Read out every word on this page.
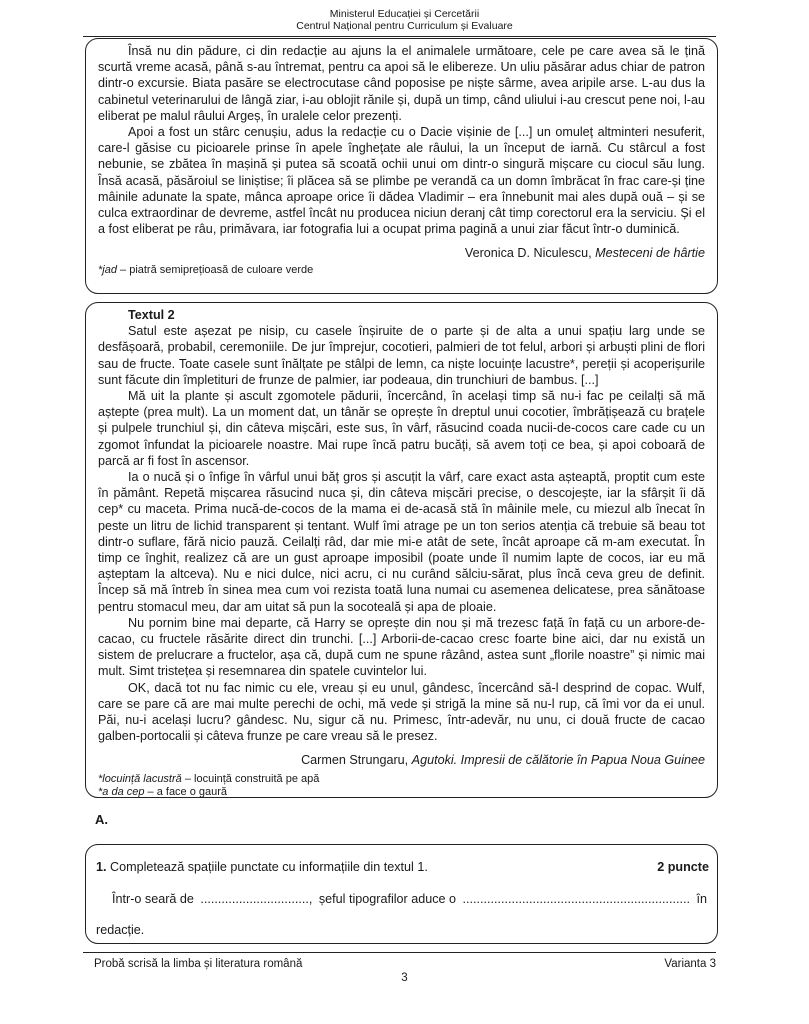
Ministerul Educației și Cercetării
Centrul Național pentru Curriculum și Evaluare

Însă nu din pădure, ci din redacție au ajuns la el animalele următoare, cele pe care avea să le țină scurtă vreme acasă, până s-au întremat, pentru ca apoi să le elibereze. Un uliu păsărar adus chiar de patron dintr-o excursie. Biata pasăre se electrocutase când poposise pe niște sârme, avea aripile arse. L-au dus la cabinetul veterinarului de lângă ziar, i-au oblojit rănile și, după un timp, când uliului i-au crescut pene noi, l-au eliberat pe malul râului Argeș, în uralele celor prezenți.

Apoi a fost un stârc cenușiu, adus la redacție cu o Dacie vișinie de [...] un omuleț altminteri nesuferit, care-l găsise cu picioarele prinse în apele înghețate ale râului, la un început de iarnă. Cu stârcul a fost nebunie, se zbătea în mașină și putea să scoată ochii unui om dintr-o singură mișcare cu ciocul său lung. Însă acasă, păsăroiul se liniștise; îi plăcea să se plimbe pe verandă ca un domn îmbrăcat în frac care-și ține mâinile adunate la spate, mânca aproape orice îi dădea Vladimir – era înnebunit mai ales după ouă – și se culca extraordinar de devreme, astfel încât nu producea niciun deranj cât timp corectorul era la serviciu. Și el a fost eliberat pe râu, primăvara, iar fotografia lui a ocupat prima pagină a unui ziar făcut într-o duminică.

Veronica D. Niculescu, Mesteceni de hârtie

*jad – piatră semiprețioasă de culoare verde

Textul 2

Satul este așezat pe nisip, cu casele înșiruite de o parte și de alta a unui spațiu larg unde se desfășoară, probabil, ceremoniile. De jur împrejur, cocotieri, palmieri de tot felul, arbori și arbuști plini de flori sau de fructe. Toate casele sunt înălțate pe stâlpi de lemn, ca niște locuințe lacustre*, pereții și acoperișurile sunt făcute din împletituri de frunze de palmier, iar podeaua, din trunchiuri de bambus. [...]

Mă uit la plante și ascult zgomotele pădurii, încercând, în același timp să nu-i fac pe ceilalți să mă aștepte (prea mult). La un moment dat, un tânăr se oprește în dreptul unui cocotier, îmbrățișează cu brațele și pulpele trunchiul și, din câteva mișcări, este sus, în vârf, răsucind coada nucii-de-cocos care cade cu un zgomot înfundat la picioarele noastre. Mai rupe încă patru bucăți, să avem toți ce bea, și apoi coboară de parcă ar fi fost în ascensor.

Ia o nucă și o înfige în vârful unui băț gros și ascuțit la vârf, care exact asta așteaptă, proptit cum este în pământ. Repetă mișcarea răsucind nuca și, din câteva mișcări precise, o descojește, iar la sfârșit îi dă cep* cu maceta. Prima nucă-de-cocos de la mama ei de-acasă stă în mâinile mele, cu miezul alb înecat în peste un litru de lichid transparent și tentant. Wulf îmi atrage pe un ton serios atenția că trebuie să beau tot dintr-o suflare, fără nicio pauză. Ceilalți râd, dar mie mi-e atât de sete, încât aproape că m-am executat. În timp ce înghit, realizez că are un gust aproape imposibil (poate unde îl numim lapte de cocos, iar eu mă așteptam la altceva). Nu e nici dulce, nici acru, ci nu curând sălciu-sărat, plus încă ceva greu de definit. Încep să mă întreb în sinea mea cum voi rezista toată luna numai cu asemenea delicatese, prea sănătoase pentru stomacul meu, dar am uitat să pun la socoteală și apa de ploaie.

Nu pornim bine mai departe, că Harry se oprește din nou și mă trezesc față în față cu un arbore-de-cacao, cu fructele răsărite direct din trunchi. [...] Arborii-de-cacao cresc foarte bine aici, dar nu există un sistem de prelucrare a fructelor, așa că, după cum ne spune râzând, astea sunt „florile noastre” și nimic mai mult. Simt tristețea și resemnarea din spatele cuvintelor lui.

OK, dacă tot nu fac nimic cu ele, vreau și eu unul, gândesc, încercând să-l desprind de copac. Wulf, care se pare că are mai multe perechi de ochi, mă vede și strigă la mine să nu-l rup, că îmi vor da ei unul. Păi, nu-i același lucru? gândesc. Nu, sigur că nu. Primesc, într-adevăr, nu unu, ci două fructe de cacao galben-portocalii și câteva frunze pe care vreau să le presez.

Carmen Strungaru, Agutoki. Impresii de călătorie în Papua Noua Guinee

*locuință lacustră – locuință construită pe apă

*a da cep – a face o gaură

A.
1. Completează spațiile punctate cu informațiile din textul 1.	2 puncte
Într-o seară de ..............................., șeful tipografilor aduce o ................................................................. în
redacție.
Probă scrisă la limba și literatura română	Varianta 3
3
